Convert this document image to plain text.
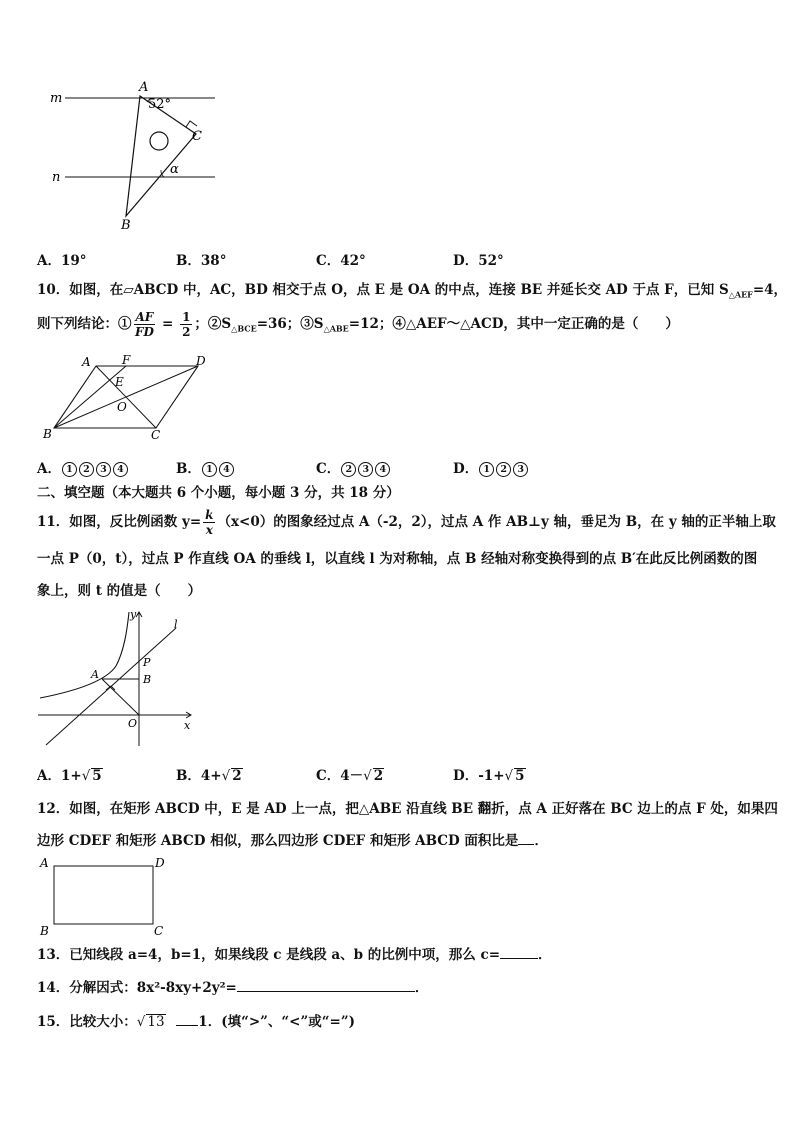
m
n
A
52°
C
α
B
A．19°	B．38°	C．42°	D．52°
10．如图，在▱ABCD 中，AC，BD 相交于点 O，点 E 是 OA 的中点，连接 BE 并延长交 AD 于点 F，已知 $S_{\triangle AEF}=4$，
则下列结论：① $\frac{AF}{FD} = \frac{1}{2}$ ；$②S_{\triangle BCE}=36$；$③S_{\triangle ABE}=12$；④△AEF～△ACD，其中一定正确的是（　　）
A	F	D
E
O
B	C
A． 1 2 3 4	B． 1 4	C． 2 3 4	D． 1 2 3
二、填空题（本大题共 6 个小题，每小题 3 分，共 18 分）
11．如图，反比例函数 $y= \frac{k}{x} (x<0)$的图象经过点 A（-2，2），过点 A 作 AB⊥y 轴，垂足为 B，在 y 轴的正半轴上取
一点 P（0，t），过点 P 作直线 OA 的垂线 l，以直线 l 为对称轴，点 B 经轴对称变换得到的点 B′在此反比例函数的图
象上，则 t 的值是（　　）
y
l
P
A	B
O	x
A．1+√ 5	B．4+√ 2	C．4－√ 2	D．-1+√ 5
12．如图，在矩形 ABCD 中，E 是 AD 上一点，把△ABE 沿直线 BE 翻折，点 A 正好落在 BC 边上的点 F 处，如果四
边形 CDEF 和矩形 ABCD 相似，那么四边形 CDEF 和矩形 ABCD 面积比是 ．
A	D
B	C
13．已知线段 a=4，b=1，如果线段 c 是线段 a、b 的比例中项，那么 c=	．
14．分解因式：8x²-8xy+2y²=	．
15．比较大小：√ 13 1．(填“>”、“<”或“=”)
